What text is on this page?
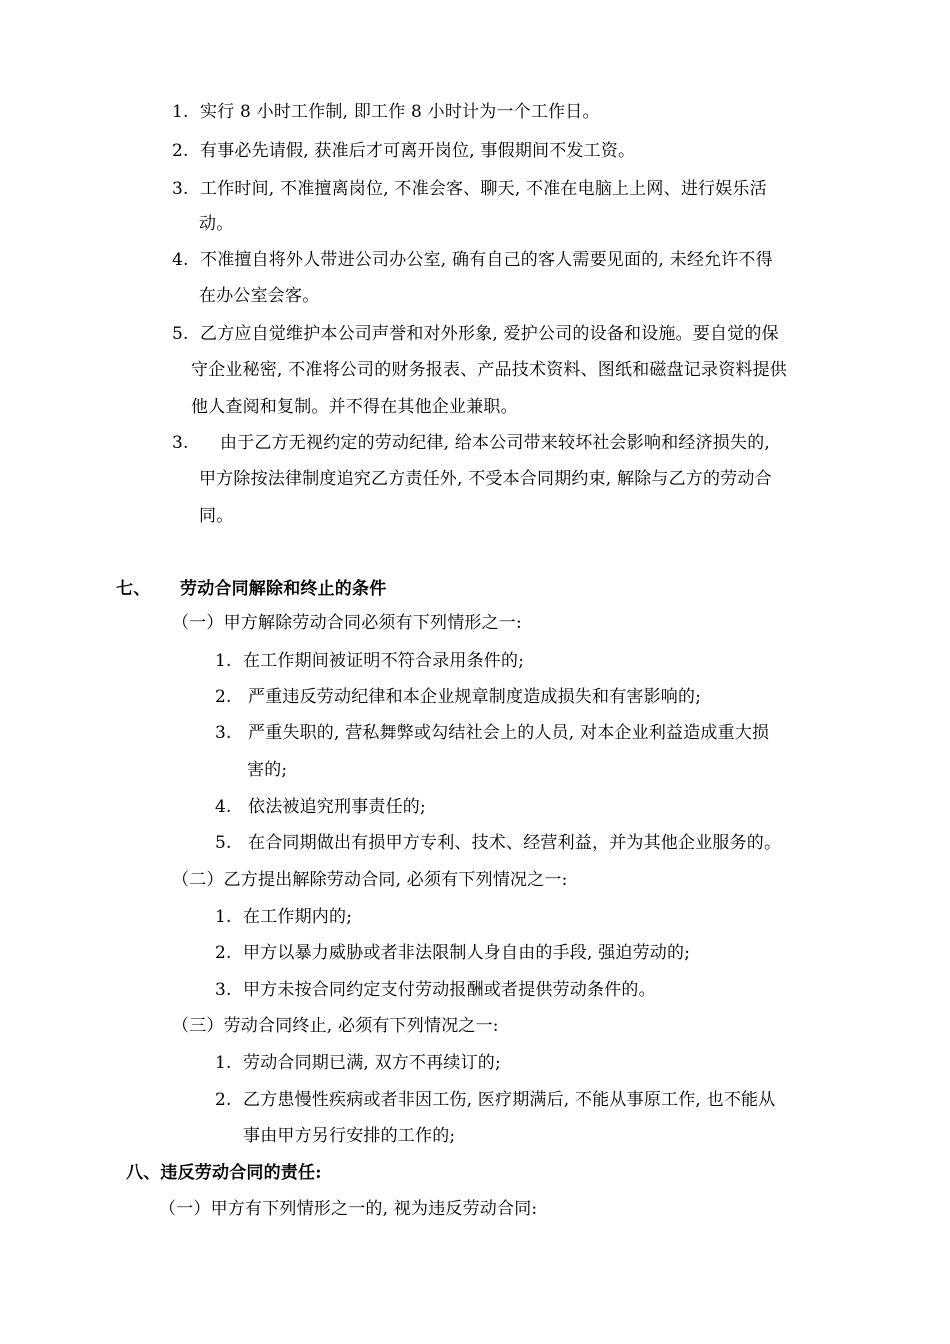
1. 实行 8 小时工作制, 即工作 8 小时计为一个工作日。
2. 有事必先请假, 获准后才可离开岗位, 事假期间不发工资。
3. 工作时间, 不准擅离岗位, 不准会客、聊天, 不准在电脑上上网、进行娱乐活
动。
4. 不准擅自将外人带进公司办公室, 确有自己的客人需要见面的, 未经允许不得
在办公室会客。
5. 乙方应自觉维护本公司声誉和对外形象, 爱护公司的设备和设施。要自觉的保
守企业秘密, 不准将公司的财务报表、产品技术资料、图纸和磁盘记录资料提供
他人查阅和复制。并不得在其他企业兼职。
3. 由于乙方无视约定的劳动纪律, 给本公司带来较坏社会影响和经济损失的,
甲方除按法律制度追究乙方责任外, 不受本合同期约束, 解除与乙方的劳动合
同。
七、 劳动合同解除和终止的条件
（一）甲方解除劳动合同必须有下列情形之一:
1. 在工作期间被证明不符合录用条件的;
2. 严重违反劳动纪律和本企业规章制度造成损失和有害影响的;
3. 严重失职的, 营私舞弊或勾结社会上的人员, 对本企业利益造成重大损
害的;
4. 依法被追究刑事责任的;
5. 在合同期做出有损甲方专利、技术、经营利益，并为其他企业服务的。
（二）乙方提出解除劳动合同, 必须有下列情况之一:
1. 在工作期内的;
2. 甲方以暴力威胁或者非法限制人身自由的手段, 强迫劳动的;
3. 甲方未按合同约定支付劳动报酬或者提供劳动条件的。
（三）劳动合同终止, 必须有下列情况之一:
1. 劳动合同期已满, 双方不再续订的;
2. 乙方患慢性疾病或者非因工伤, 医疗期满后, 不能从事原工作, 也不能从
事由甲方另行安排的工作的;
八、违反劳动合同的责任:
（一）甲方有下列情形之一的, 视为违反劳动合同:
